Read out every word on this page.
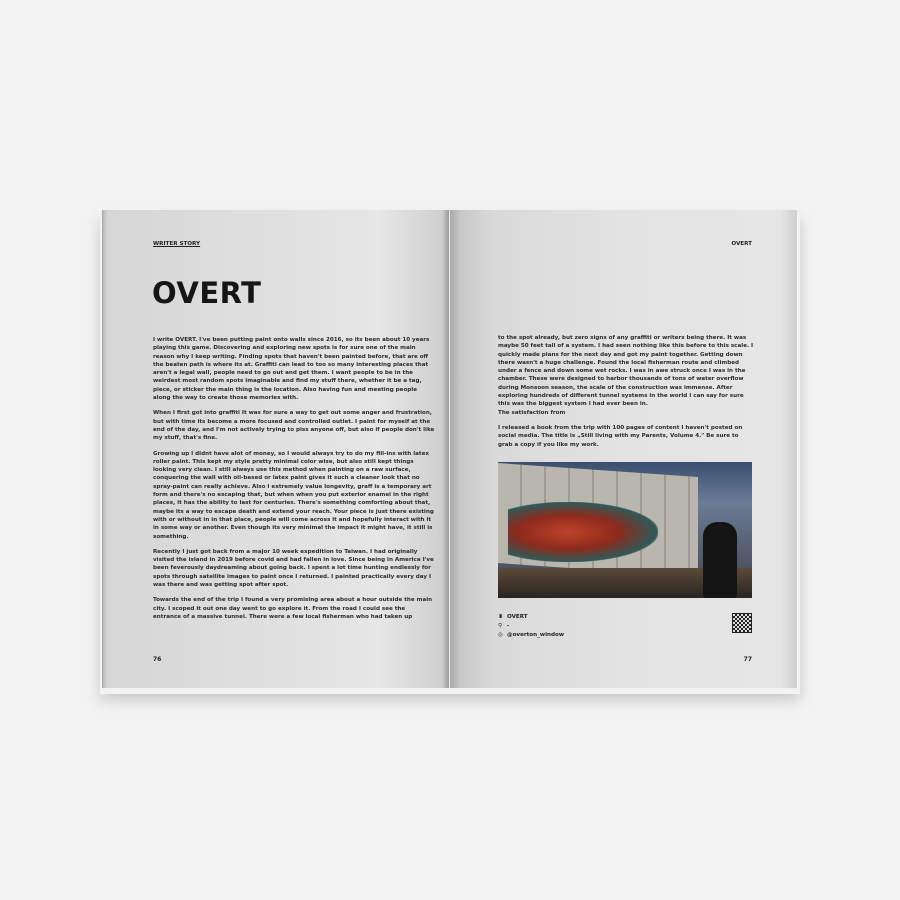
WRITER STORY
OVERT

I write OVERT. I've been putting paint onto walls since 2016, so its been about 10 years playing this game. Discovering and exploring new spots is for sure one of the main reason why I keep writing. Finding spots that haven't been painted before, that are off the beaten path is where its at. Graffiti can lead to too so many interesting places that aren't a legal wall, people need to go out and get them. I want people to be in the weirdest most random spots imaginable and find my stuff there, whether it be a tag, piece, or sticker the main thing is the location. Also having fun and meeting people along the way to create those memories with.

When I first got into graffiti It was for sure a way to get out some anger and frustration, but with time its become a more focused and controlled outlet. I paint for myself at the end of the day, and I'm not actively trying to piss anyone off, but also if people don't like my stuff, that's fine.

Growing up I didnt have alot of money, so I would always try to do my fill-ins with latex roller paint. This kept my style pretty minimal color wise, but also still kept things looking very clean. I still always use this method when painting on a raw surface, conquering the wall with oil-based or latex paint gives it such a cleaner look that no spray-paint can really achieve. Also I extremely value longevity, graff is a temporary art form and there's no escaping that, but when when you put exterior enamel in the right places, it has the ability to last for centuries. There's something comforting about that, maybe its a way to escape death and extend your reach. Your piece is just there existing with or without in in that place, people will come across it and hopefully interact with it in some way or another. Even though its very minimal the impact it might have, it still is something.

Recently I just got back from a major 10 week expedition to Taiwan. I had originally visited the island in 2019 before covid and had fallen in love. Since being in America I've been feverously daydreaming about going back. I spent a lot time hunting endlessly for spots through satellite images to paint once I returned. I painted practically every day I was there and was getting spot after spot.

Towards the end of the trip I found a very promising area about a hour outside the main city. I scoped it out one day went to go explore it. From the road I could see the entrance of a massive tunnel. There were a few local fisherman who had taken up

76
OVERT

to the spot already, but zero signs of any graffiti or writers being there. It was maybe 50 feet tall of a system. I had seen nothing like this before to this scale. I quickly made plans for the next day and got my paint together. Getting down there wasn't a huge challenge. Found the local fisherman route and climbed under a fence and down some wet rocks. I was in awe struck once I was in the chamber. These were designed to harbor thousands of tons of water overflow during Monsoon season, the scale of the construction was immense. After exploring hundreds of different tunnel systems in the world I can say for sure this was the biggest system I had ever been in.
The satisfaction from

I released a book from the trip with 100 pages of content I haven't posted on social media. The title is „Still living with my Parents, Volume 4." Be sure to grab a copy if you like my work.

♜ OVERT
⚲ -
◎ @overton_window
77
